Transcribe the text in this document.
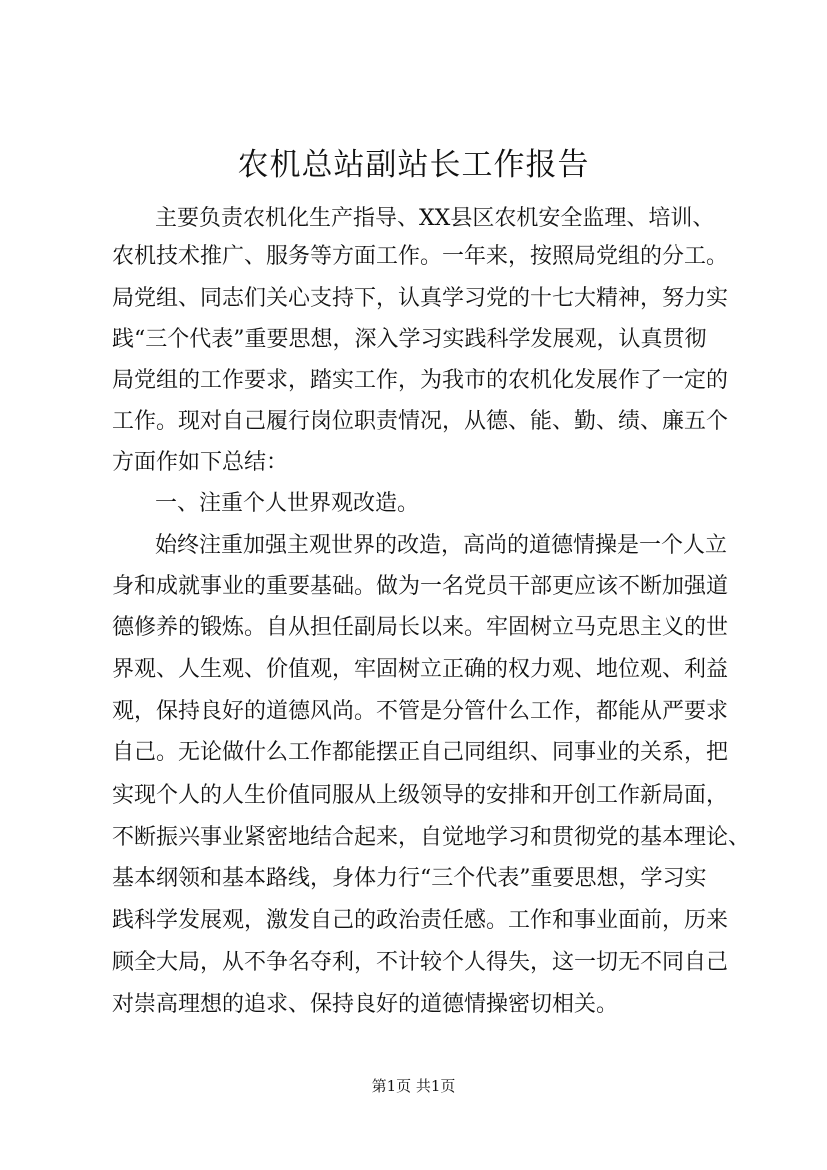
农机总站副站长工作报告
主要负责农机化生产指导、XX县区农机安全监理、培训、
农机技术推广、服务等方面工作。一年来，按照局党组的分工。
局党组、同志们关心支持下，认真学习党的十七大精神，努力实
践“三个代表”重要思想，深入学习实践科学发展观，认真贯彻
局党组的工作要求，踏实工作，为我市的农机化发展作了一定的
工作。现对自己履行岗位职责情况，从德、能、勤、绩、廉五个
方面作如下总结：
一、注重个人世界观改造。
始终注重加强主观世界的改造，高尚的道德情操是一个人立
身和成就事业的重要基础。做为一名党员干部更应该不断加强道
德修养的锻炼。自从担任副局长以来。牢固树立马克思主义的世
界观、人生观、价值观，牢固树立正确的权力观、地位观、利益
观，保持良好的道德风尚。不管是分管什么工作，都能从严要求
自己。无论做什么工作都能摆正自己同组织、同事业的关系，把
实现个人的人生价值同服从上级领导的安排和开创工作新局面，
不断振兴事业紧密地结合起来，自觉地学习和贯彻党的基本理论、
基本纲领和基本路线，身体力行“三个代表”重要思想，学习实
践科学发展观，激发自己的政治责任感。工作和事业面前，历来
顾全大局，从不争名夺利，不计较个人得失，这一切无不同自己
对崇高理想的追求、保持良好的道德情操密切相关。
第1页 共1页
